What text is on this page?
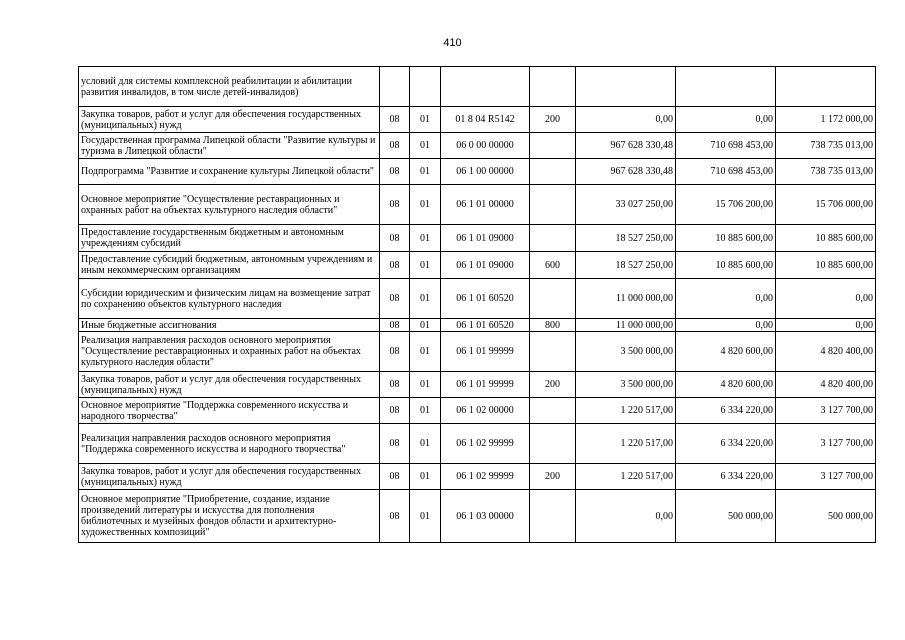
410
условий для системы комплексной реабилитации и абилитации развития инвалидов, в том числе детей-инвалидов)							
Закупка товаров, работ и услуг для обеспечения государственных (муниципальных) нужд	08	01	01 8 04 R5142	200	0,00	0,00	1 172 000,00
Государственная программа Липецкой области "Развитие культуры и туризма в Липецкой области"	08	01	06 0 00 00000		967 628 330,48	710 698 453,00	738 735 013,00
Подпрограмма "Развитие и сохранение культуры Липецкой области"	08	01	06 1 00 00000		967 628 330,48	710 698 453,00	738 735 013,00
Основное мероприятие "Осуществление реставрационных и охранных работ на объектах культурного наследия области"	08	01	06 1 01 00000		33 027 250,00	15 706 200,00	15 706 000,00
Предоставление государственным бюджетным и автономным учреждениям субсидий	08	01	06 1 01 09000		18 527 250,00	10 885 600,00	10 885 600,00
Предоставление субсидий бюджетным, автономным учреждениям и иным некоммерческим организациям	08	01	06 1 01 09000	600	18 527 250,00	10 885 600,00	10 885 600,00
Субсидии юридическим и физическим лицам на возмещение затрат по сохранению объектов культурного наследия	08	01	06 1 01 60520		11 000 000,00	0,00	0,00
Иные бюджетные ассигнования	08	01	06 1 01 60520	800	11 000 000,00	0,00	0,00
Реализация направления расходов основного мероприятия "Осуществление реставрационных и охранных работ на объектах культурного наследия области"	08	01	06 1 01 99999		3 500 000,00	4 820 600,00	4 820 400,00
Закупка товаров, работ и услуг для обеспечения государственных (муниципальных) нужд	08	01	06 1 01 99999	200	3 500 000,00	4 820 600,00	4 820 400,00
Основное мероприятие "Поддержка современного искусства и народного творчества"	08	01	06 1 02 00000		1 220 517,00	6 334 220,00	3 127 700,00
Реализация направления расходов основного мероприятия "Поддержка современного искусства и народного творчества"	08	01	06 1 02 99999		1 220 517,00	6 334 220,00	3 127 700,00
Закупка товаров, работ и услуг для обеспечения государственных (муниципальных) нужд	08	01	06 1 02 99999	200	1 220 517,00	6 334 220,00	3 127 700,00
Основное мероприятие "Приобретение, создание, издание произведений литературы и искусства для пополнения библиотечных и музейных фондов области и архитектурно-художественных композиций"	08	01	06 1 03 00000		0,00	500 000,00	500 000,00
